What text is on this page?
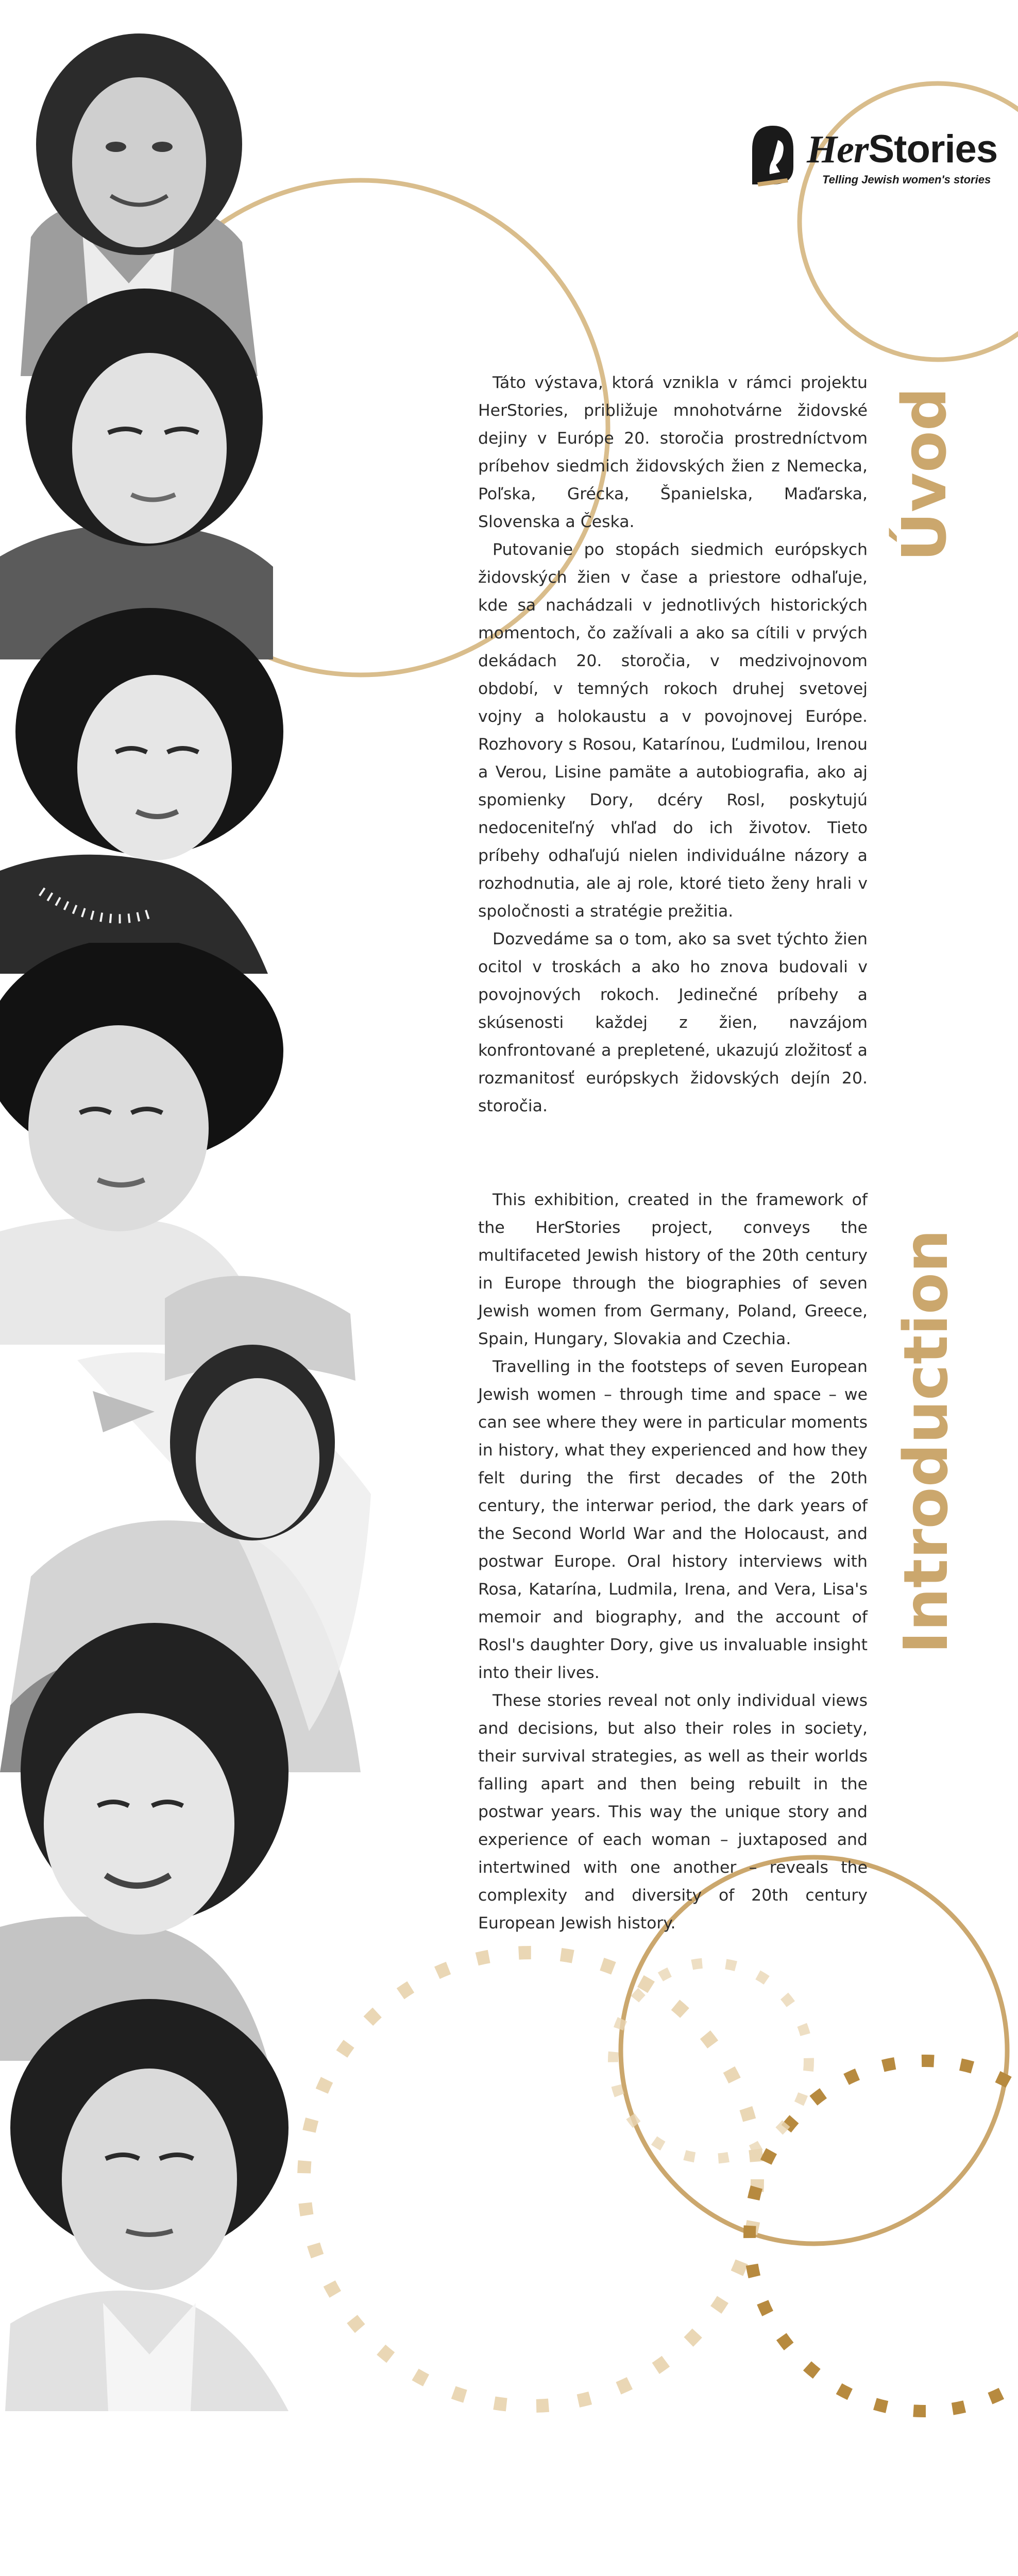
HerStories
Telling Jewish women's stories
Úvod
Introduction

Táto výstava, ktorá vznikla v rámci projektu HerStories, približuje mnohotvárne židovské dejiny v Európe 20. storočia prostredníctvom príbehov siedmich židovských žien z Nemecka, Poľska, Grécka, Španielska, Maďarska, Slovenska a Česka.

Putovanie po stopách siedmich európskych židovských žien v čase a priestore odhaľuje, kde sa nachádzali v jednotlivých historických momentoch, čo zažívali a ako sa cítili v prvých dekádach 20. storočia, v medzivojnovom období, v temných rokoch druhej svetovej vojny a holokaustu a v povojnovej Európe. Rozhovory s Rosou, Katarínou, Ľudmilou, Irenou a Verou, Lisine pamäte a autobiografia, ako aj spomienky Dory, dcéry Rosl, poskytujú nedoceniteľný vhľad do ich životov. Tieto príbehy odhaľujú nielen individuálne názory a rozhodnutia, ale aj role, ktoré tieto ženy hrali v spoločnosti a stratégie prežitia.

Dozvedáme sa o tom, ako sa svet týchto žien ocitol v troskách a ako ho znova budovali v povojnových rokoch. Jedinečné príbehy a skúsenosti každej z žien, navzájom konfrontované a prepletené, ukazujú zložitosť a rozmanitosť európskych židovských dejín 20. storočia.

This exhibition, created in the framework of the HerStories project, conveys the multifaceted Jewish history of the 20th century in Europe through the biographies of seven Jewish women from Germany, Poland, Greece, Spain, Hungary, Slovakia and Czechia.

Travelling in the footsteps of seven European Jewish women – through time and space – we can see where they were in particular moments in history, what they experienced and how they felt during the first decades of the 20th century, the interwar period, the dark years of the Second World War and the Holocaust, and postwar Europe. Oral history interviews with Rosa, Katarína, Ludmila, Irena, and Vera, Lisa's memoir and biography, and the account of Rosl's daughter Dory, give us invaluable insight into their lives.

These stories reveal not only individual views and decisions, but also their roles in society, their survival strategies, as well as their worlds falling apart and then being rebuilt in the postwar years. This way the unique story and experience of each woman – juxtaposed and intertwined with one another – reveals the complexity and diversity of 20th century European Jewish history.
